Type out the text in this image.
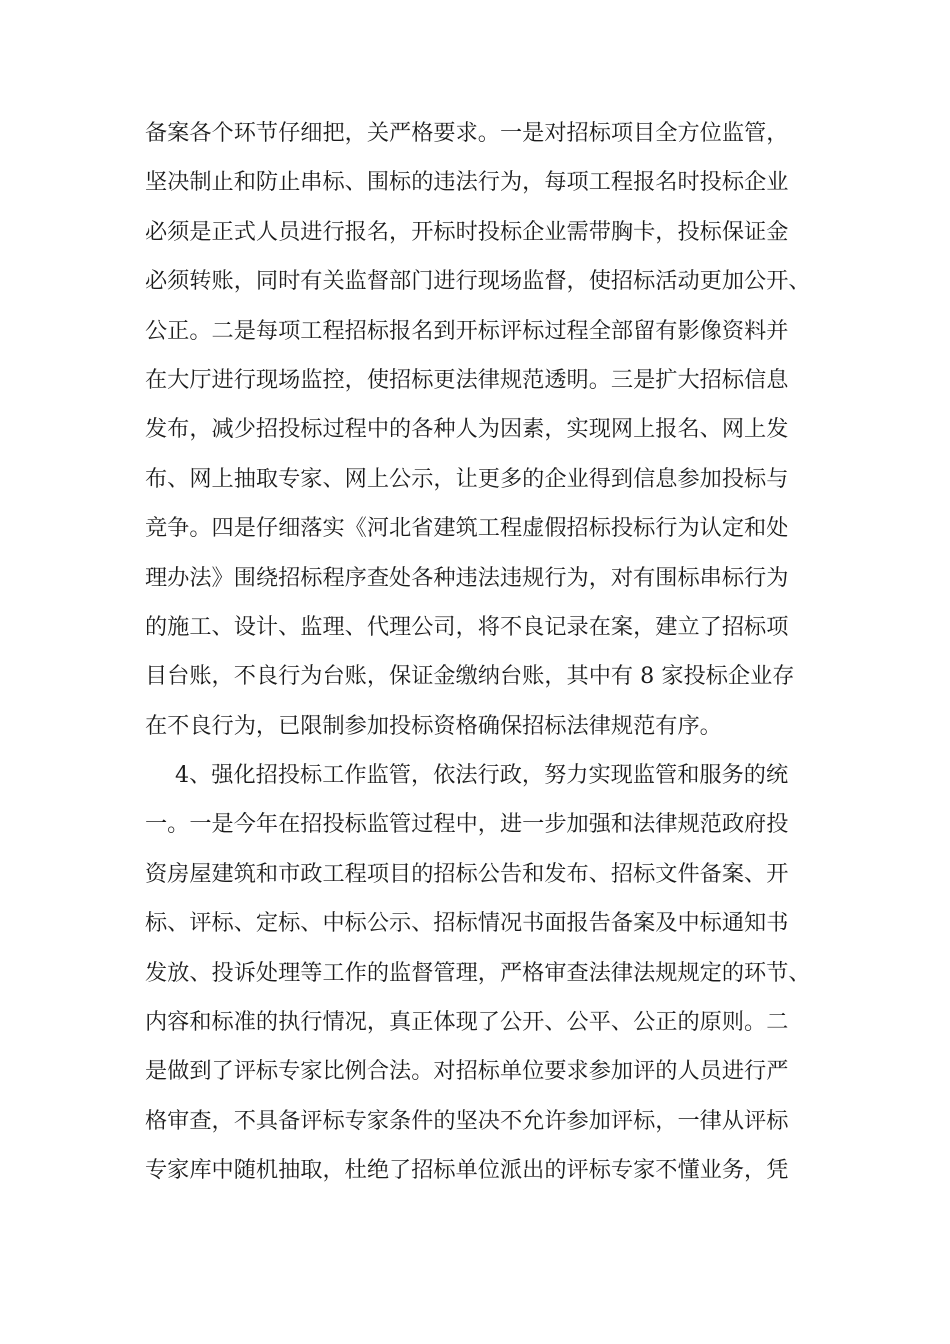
备案各个环节仔细把，关严格要求。一是对招标项目全方位监管，
坚决制止和防止串标、围标的违法行为，每项工程报名时投标企业
必须是正式人员进行报名，开标时投标企业需带胸卡，投标保证金
必须转账，同时有关监督部门进行现场监督，使招标活动更加公开、
公正。二是每项工程招标报名到开标评标过程全部留有影像资料并
在大厅进行现场监控，使招标更法律规范透明。三是扩大招标信息
发布，减少招投标过程中的各种人为因素，实现网上报名、网上发
布、网上抽取专家、网上公示，让更多的企业得到信息参加投标与
竞争。四是仔细落实《河北省建筑工程虚假招标投标行为认定和处
理办法》围绕招标程序查处各种违法违规行为，对有围标串标行为
的施工、设计、监理、代理公司，将不良记录在案，建立了招标项
目台账，不良行为台账，保证金缴纳台账，其中有 8 家投标企业存
在不良行为，已限制参加投标资格确保招标法律规范有序。
4、强化招投标工作监管，依法行政，努力实现监管和服务的统
一。一是今年在招投标监管过程中，进一步加强和法律规范政府投
资房屋建筑和市政工程项目的招标公告和发布、招标文件备案、开
标、评标、定标、中标公示、招标情况书面报告备案及中标通知书
发放、投诉处理等工作的监督管理，严格审查法律法规规定的环节、
内容和标准的执行情况，真正体现了公开、公平、公正的原则。二
是做到了评标专家比例合法。对招标单位要求参加评的人员进行严
格审查，不具备评标专家条件的坚决不允许参加评标，一律从评标
专家库中随机抽取，杜绝了招标单位派出的评标专家不懂业务，凭
